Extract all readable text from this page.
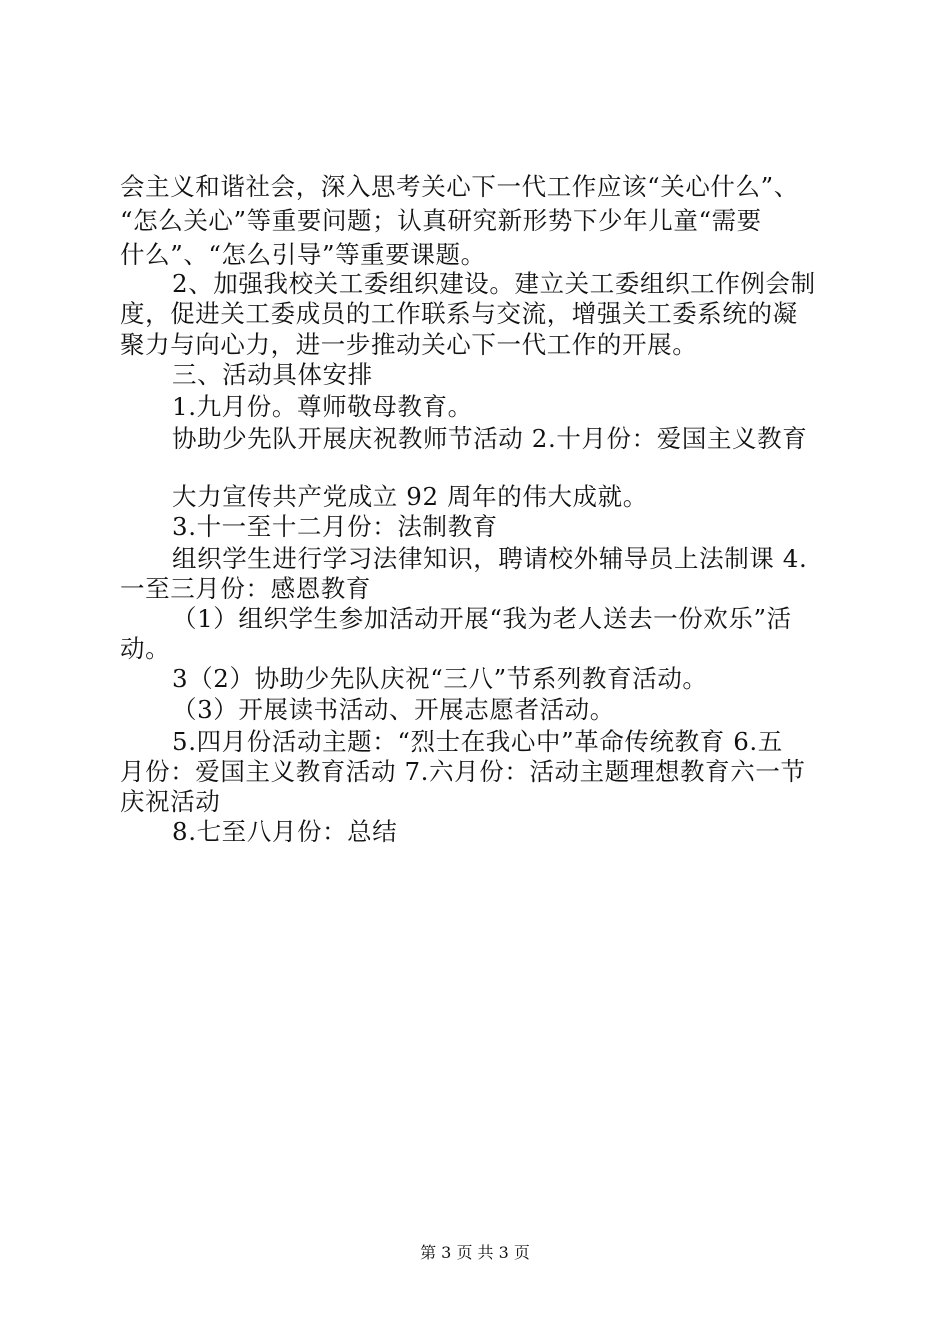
会主义和谐社会，深入思考关心下一代工作应该“关心什么”、
“怎么关心”等重要问题；认真研究新形势下少年儿童“需要
什么”、“怎么引导”等重要课题。
2、加强我校关工委组织建设。建立关工委组织工作例会制
度，促进关工委成员的工作联系与交流，增强关工委系统的凝
聚力与向心力，进一步推动关心下一代工作的开展。
三、活动具体安排
1.九月份。尊师敬母教育。
协助少先队开展庆祝教师节活动 2.十月份：爱国主义教育
大力宣传共产党成立 92 周年的伟大成就。
3.十一至十二月份：法制教育
组织学生进行学习法律知识，聘请校外辅导员上法制课 4.
一至三月份：感恩教育
（1）组织学生参加活动开展“我为老人送去一份欢乐”活
动。
3（2）协助少先队庆祝“三八”节系列教育活动。
（3）开展读书活动、开展志愿者活动。
5.四月份活动主题：“烈士在我心中”革命传统教育 6.五
月份：爱国主义教育活动 7.六月份：活动主题理想教育六一节
庆祝活动
8.七至八月份：总结
第 3 页 共 3 页
